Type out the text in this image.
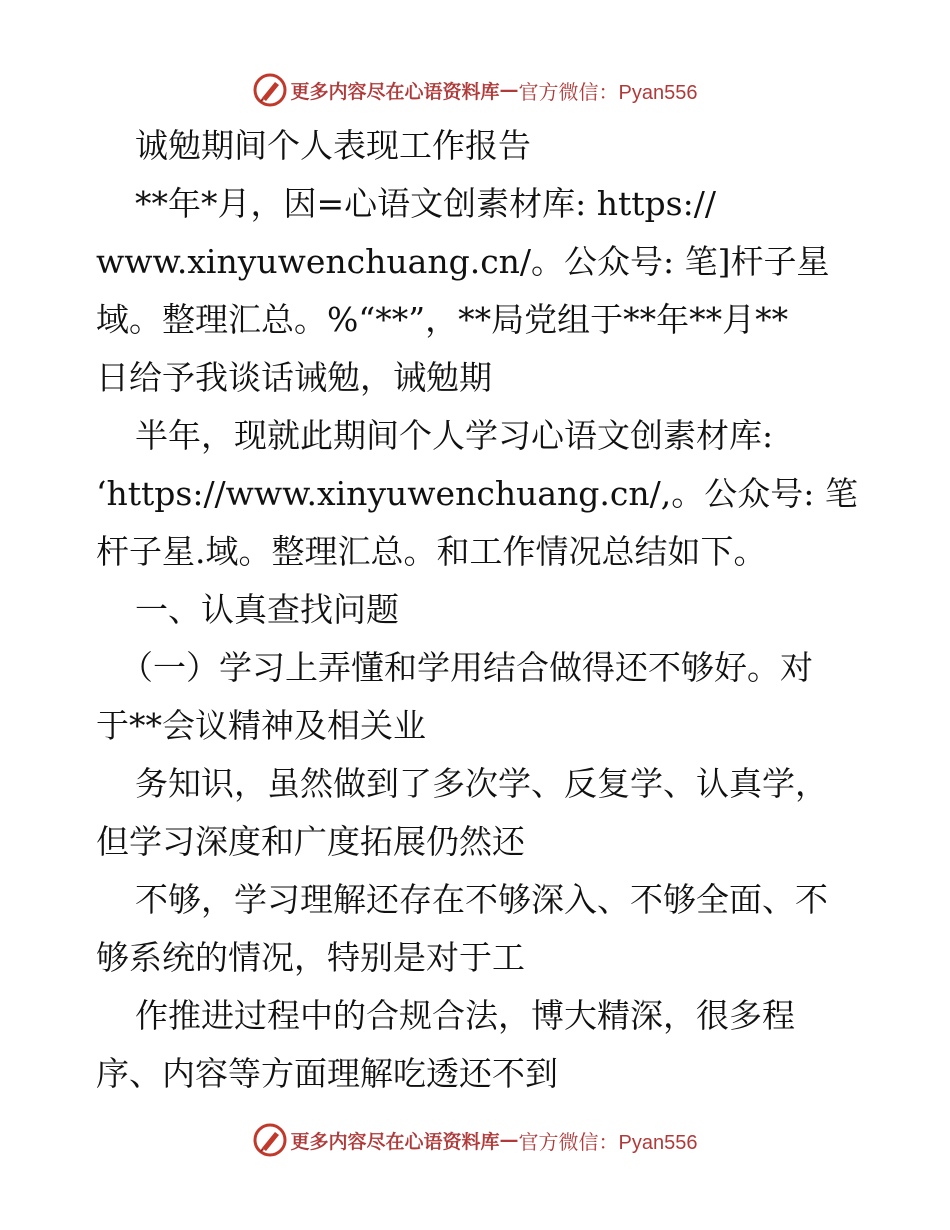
更多内容尽在心语资料库 — 官方微信：Pyan556
诚勉期间个人表现工作报告
**年*月，因=心语文创素材库: https://
www.xinyuwenchuang.cn/。公众号: 笔]杆子星
域。整理汇总。%“**”，**局党组于**年**月**
日给予我谈话诫勉，诫勉期
半年，现就此期间个人学习心语文创素材库:
‘https://www.xinyuwenchuang.cn/,。公众号: 笔
杆子星.域。整理汇总。和工作情况总结如下。
一、认真查找问题
（一）学习上弄懂和学用结合做得还不够好。对
于**会议精神及相关业
务知识，虽然做到了多次学、反复学、认真学，
但学习深度和广度拓展仍然还
不够，学习理解还存在不够深入、不够全面、不
够系统的情况，特别是对于工
作推进过程中的合规合法，博大精深，很多程
序、内容等方面理解吃透还不到
更多内容尽在心语资料库 — 官方微信：Pyan556
